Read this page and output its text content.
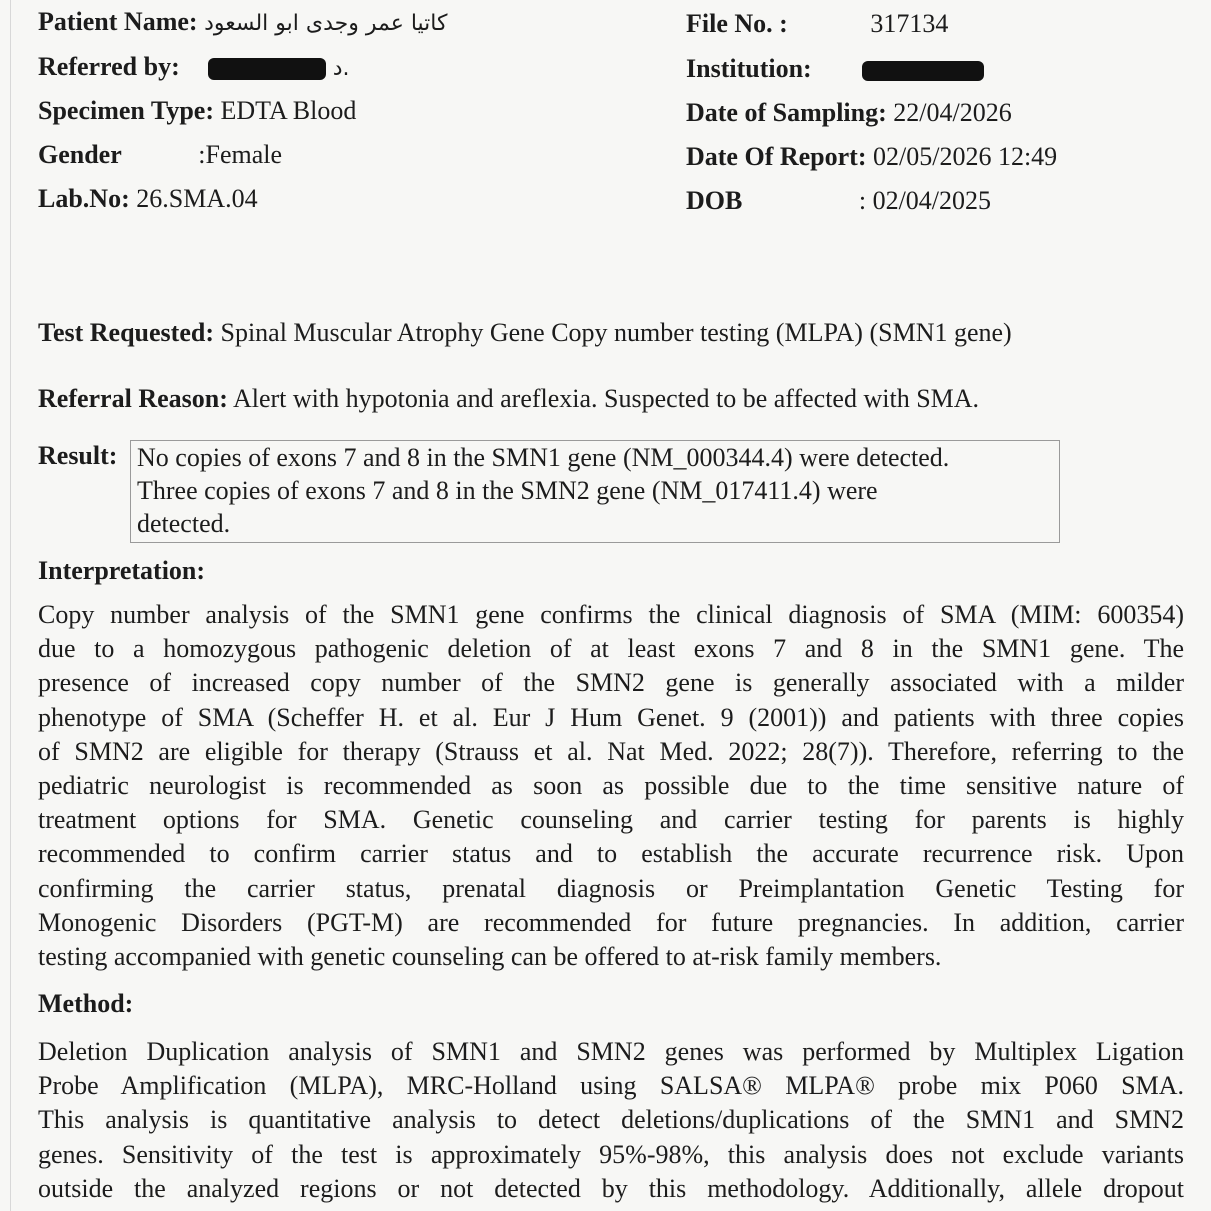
Patient Name: كاتيا عمر وجدى ابو السعود
Referred by:	.د
Specimen Type: EDTA Blood
Gender	:Female
Lab.No: 26.SMA.04
File No. :	317134
Institution:
Date of Sampling: 22/04/2026
Date Of Report: 02/05/2026 12:49
DOB	: 02/04/2025
Test Requested: Spinal Muscular Atrophy Gene Copy number testing (MLPA) (SMN1 gene)
Referral Reason: Alert with hypotonia and areflexia. Suspected to be affected with SMA.
Result: No copies of exons 7 and 8 in the SMN1 gene (NM_000344.4) were detected.
Three copies of exons 7 and 8 in the SMN2 gene (NM_017411.4) were
detected.
Interpretation:
Copy number analysis of the SMN1 gene confirms the clinical diagnosis of SMA (MIM: 600354)
due to a homozygous pathogenic deletion of at least exons 7 and 8 in the SMN1 gene. The
presence of increased copy number of the SMN2 gene is generally associated with a milder
phenotype of SMA (Scheffer H. et al. Eur J Hum Genet. 9 (2001)) and patients with three copies
of SMN2 are eligible for therapy (Strauss et al. Nat Med. 2022; 28(7)). Therefore, referring to the
pediatric neurologist is recommended as soon as possible due to the time sensitive nature of
treatment options for SMA. Genetic counseling and carrier testing for parents is highly
recommended to confirm carrier status and to establish the accurate recurrence risk. Upon
confirming the carrier status, prenatal diagnosis or Preimplantation Genetic Testing for
Monogenic Disorders (PGT-M) are recommended for future pregnancies. In addition, carrier
testing accompanied with genetic counseling can be offered to at-risk family members.
Method:
Deletion Duplication analysis of SMN1 and SMN2 genes was performed by Multiplex Ligation
Probe Amplification (MLPA), MRC-Holland using SALSA® MLPA® probe mix P060 SMA.
This analysis is quantitative analysis to detect deletions/duplications of the SMN1 and SMN2
genes. Sensitivity of the test is approximately 95%-98%, this analysis does not exclude variants
outside the analyzed regions or not detected by this methodology. Additionally, allele dropout
